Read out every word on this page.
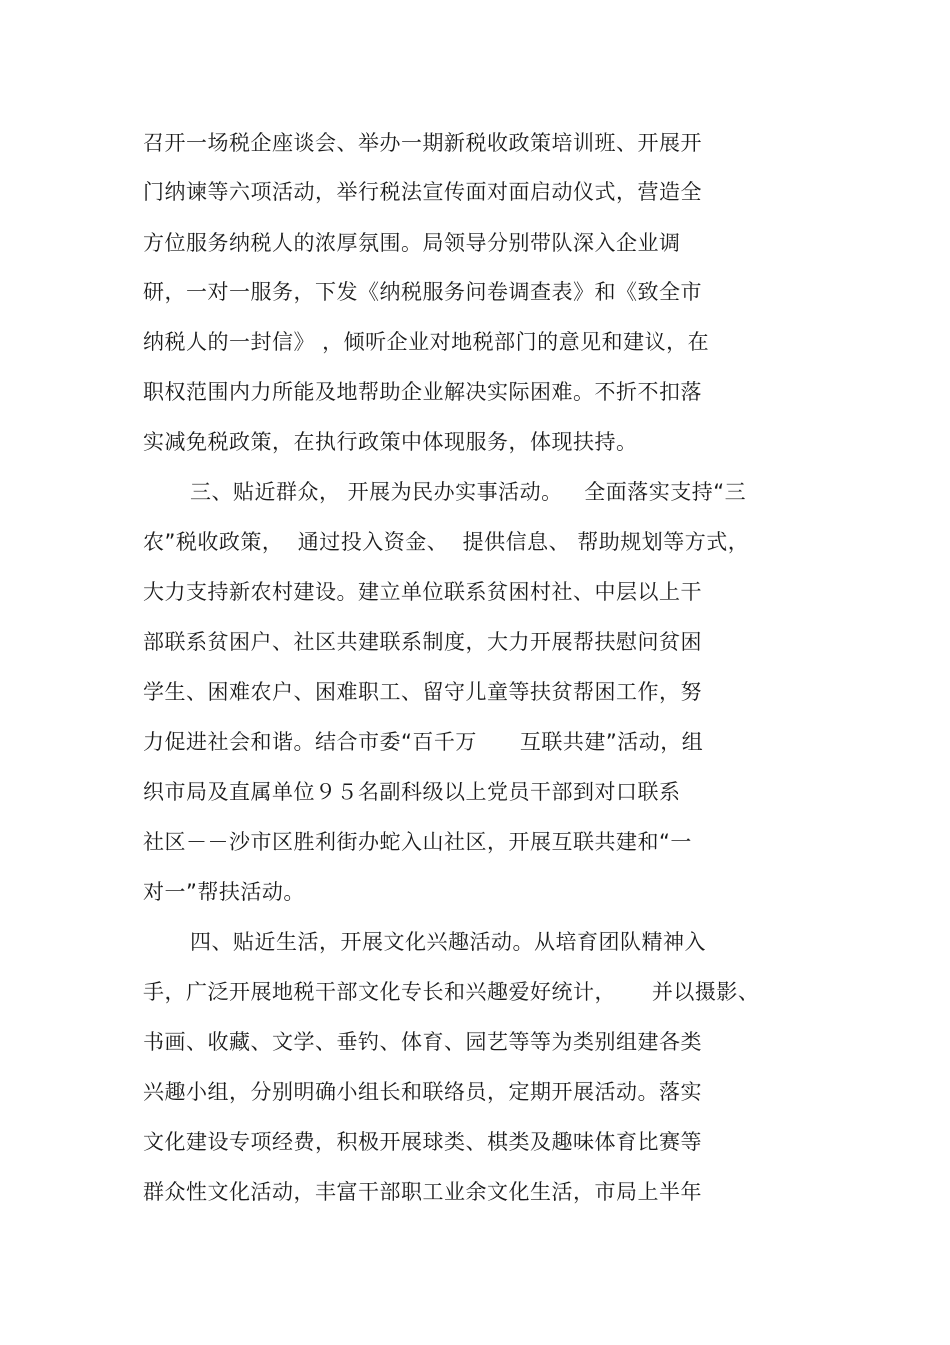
召开一场税企座谈会、举办一期新税收政策培训班、开展开
门纳谏等六项活动，举行税法宣传面对面启动仪式，营造全
方位服务纳税人的浓厚氛围。局领导分别带队深入企业调
研，一对一服务，下发《纳税服务问卷调查表》和《致全市
纳税人的一封信》 ，倾听企业对地税部门的意见和建议，在
职权范围内力所能及地帮助企业解决实际困难。不折不扣落
实减免税政策，在执行政策中体现服务，体现扶持。
三、贴近群众， 开展为民办实事活动。   全面落实支持“三
农”税收政策，  通过投入资金、  提供信息、 帮助规划等方式，
大力支持新农村建设。建立单位联系贫困村社、中层以上干
部联系贫困户、社区共建联系制度，大力开展帮扶慰问贫困
学生、困难农户、困难职工、留守儿童等扶贫帮困工作，努
力促进社会和谐。结合市委“百千万      互联共建”活动，组
织市局及直属单位９５名副科级以上党员干部到对口联系
社区－－沙市区胜利街办蛇入山社区，开展互联共建和“一
对一”帮扶活动。
四、贴近生活，开展文化兴趣活动。从培育团队精神入
手，广泛开展地税干部文化专长和兴趣爱好统计，     并以摄影、
书画、收藏、文学、垂钓、体育、园艺等等为类别组建各类
兴趣小组，分别明确小组长和联络员，定期开展活动。落实
文化建设专项经费，积极开展球类、棋类及趣味体育比赛等
群众性文化活动，丰富干部职工业余文化生活，市局上半年
